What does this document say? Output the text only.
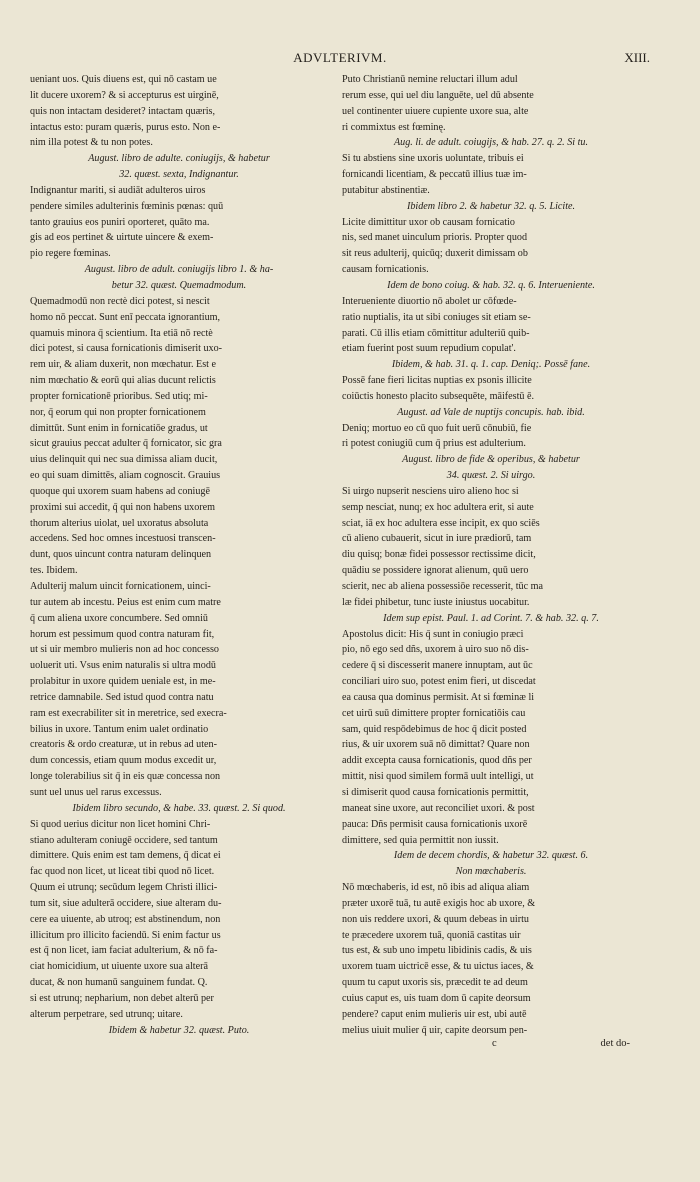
ADVLTERIVM.	XIII.

ueniant uos. Quis diuens est, qui nō castam ue

lit ducere uxorem? & si accepturus est uirginē,

quis non intactam desideret? intactam quæris,

intactus esto: puram quæris, purus esto. Non e-

nim illa potest & tu non potes.

August. libro de adulte. coniugijs, & habetur

32. quæst. sexta, Indignantur.

Indignantur mariti, si audiāt adulteros uiros

pendere similes adulterinis fœminis pœnas: quū

tanto grauius eos puniri oporteret, quāto ma.

gis ad eos pertinet & uirtute uincere & exem-

pio regere fœminas.

August. libro de adult. coniugijs libro 1. & ha-

betur 32. quæst. Quemadmodum.

Quemadmodū non rectè dici potest, si nescit

homo nō peccat. Sunt enī peccata ignorantium,

quamuis minora q̄ scientium. Ita etiā nō rectè

dici potest, si causa fornicationis dimiserit uxo-

rem uir, & aliam duxerit, non mœchatur. Est e

nim mœchatio & eorū qui alias ducunt relictis

propter fornicationē prioribus. Sed utiq; mi-

nor, q̄ eorum qui non propter fornicationem

dimittūt. Sunt enim in fornicatiōe gradus, ut

sicut grauius peccat adulter q̄ fornicator, sic gra

uius delinquit qui nec sua dimissa aliam ducit,

eo qui suam dimittēs, aliam cognoscit. Grauius

quoque qui uxorem suam habens ad coniugē

proximi sui accedit, q̄ qui non habens uxorem

thorum alterius uiolat, uel uxoratus absoluta

accedens. Sed hoc omnes incestuosi transcen-

dunt, quos uincunt contra naturam delinquen

tes. Ibidem.

Adulterij malum uincit fornicationem, uinci-

tur autem ab incestu. Peius est enim cum matre

q̄ cum aliena uxore concumbere. Sed omniū

horum est pessimum quod contra naturam fit,

ut si uir membro mulieris non ad hoc concesso

uoluerit uti. Vsus enim naturalis si ultra modū

prolabitur in uxore quidem ueniale est, in me-

retrice damnabile. Sed istud quod contra natu

ram est execrabiliter sit in meretrice, sed execra-

bilius in uxore. Tantum enim ualet ordinatio

creatoris & ordo creaturæ, ut in rebus ad uten-

dum concessis, etiam quum modus excedit ur,

longe tolerabilius sit q̄ in eis quæ concessa non

sunt uel unus uel rarus excessus.

Ibidem libro secundo, & habe. 33. quæst. 2. Si quod.

Si quod uerius dicitur non licet homini Chri-

stiano adulteram coniugē occidere, sed tantum

dimittere. Quis enim est tam demens, q̄ dicat ei

fac quod non licet, ut liceat tibi quod nō licet.

Quum ei utrunq; secūdum legem Christi illici-

tum sit, siue adulterā occidere, siue alteram du-

cere ea uiuente, ab utroq; est abstinendum, non

illicitum pro illicito faciendū. Si enim factur us

est q̄ non licet, iam faciat adulterium, & nō fa-

ciat homicidium, ut uiuente uxore sua alterā

ducat, & non humanū sanguinem fundat. Q.

si est utrunq; nepharium, non debet alterū per

alterum perpetrare, sed utrunq; uitare.

Ibidem & habetur 32. quæst. Puto.

Puto Christianū nemine reluctari illum adul

rerum esse, qui uel diu languēte, uel dū absente

uel continenter uiuere cupiente uxore sua, alte

ri commixtus est fœminę.

Aug. li. de adult. coiugijs, & hab. 27. q. 2. Si tu.

Si tu abstiens sine uxoris uoluntate, tribuis ei

fornicandi licentiam, & peccatū illius tuæ im-

putabitur abstinentiæ.

Ibidem libro 2. & habetur 32. q. 5. Licite.

Licite dimittitur uxor ob causam fornicatio

nis, sed manet uinculum prioris. Propter quod

sit reus adulterij, quicūq; duxerit dimissam ob

causam fornicationis.

Idem de bono coiug. & hab. 32. q. 6. Interueniente.

Interueniente diuortio nō abolet ur cōfœde-

ratio nuptialis, ita ut sibi coniuges sit etiam se-

parati. Cū illis etiam cōmittitur adulteriū quib-

etiam fuerint post suum repudium copulat'.

Ibidem, & hab. 31. q. 1. cap. Deniq;. Possē fane.

Possē fane fieri licitas nuptias ex psonis illicite

coiūctis honesto placito subsequēte, māifestū ē.

August. ad Vale de nuptijs concupis. hab. ibid.

Deniq; mortuo eo cū quo fuit uerū cōnubiū, fie

ri potest coniugiū cum q̄ prius est adulterium.

August. libro de fide & operibus, & habetur

34. quæst. 2. Si uirgo.

Si uirgo nupserit nesciens uiro alieno hoc si

semp nesciat, nunq; ex hoc adultera erit, si aute

sciat, iā ex hoc adultera esse incipit, ex quo sciēs

cū alieno cubauerit, sicut in iure prædiorū, tam

diu quisq; bonæ fidei possessor rectissime dicit,

quādiu se possidere ignorat alienum, quū uero

scierit, nec ab aliena possessiōe recesserit, tūc ma

læ fidei phibetur, tunc iuste iniustus uocabitur.

Idem sup epist. Paul. 1. ad Corint. 7. & hab. 32. q. 7.

Apostolus dicit: His q̄ sunt in coniugio præci

pio, nō ego sed dñs, uxorem à uiro suo nō dis-

cedere q̄ si discesserit manere innuptam, aut ūc

conciliari uiro suo, potest enim fieri, ut discedat

ea causa qua dominus permisit. At si fœminæ li

cet uirū suū dimittere propter fornicatiōis cau

sam, quid respōdebimus de hoc q̄ dicit posted

rius, & uir uxorem suā nō dimittat? Quare non

addit excepta causa fornicationis, quod dñs per

mittit, nisi quod similem formā uult intelligi, ut

si dimiserit quod causa fornicationis permittit,

maneat sine uxore, aut reconciliet uxori. & post

pauca: Dñs permisit causa fornicationis uxorē

dimittere, sed quia permittit non iussit.

Idem de decem chordis, & habetur 32. quæst. 6.

Non mœchaberis.

Nō mœchaberis, id est, nō ibis ad aliqua aliam

præter uxorē tuā, tu autē exigis hoc ab uxore, &

non uis reddere uxori, & quum debeas in uirtu

te præcedere uxorem tuā, quoniā castitas uir

tus est, & sub uno impetu libidinis cadis, & uis

uxorem tuam uictricē esse, & tu uictus iaces, &

quum tu caput uxoris sis, præcedit te ad deum

cuius caput es, uis tuam dom ū capite deorsum

pendere? caput enim mulieris uir est, ubi autē

melius uiuit mulier q̄ uir, capite deorsum pen-

c	det do-
